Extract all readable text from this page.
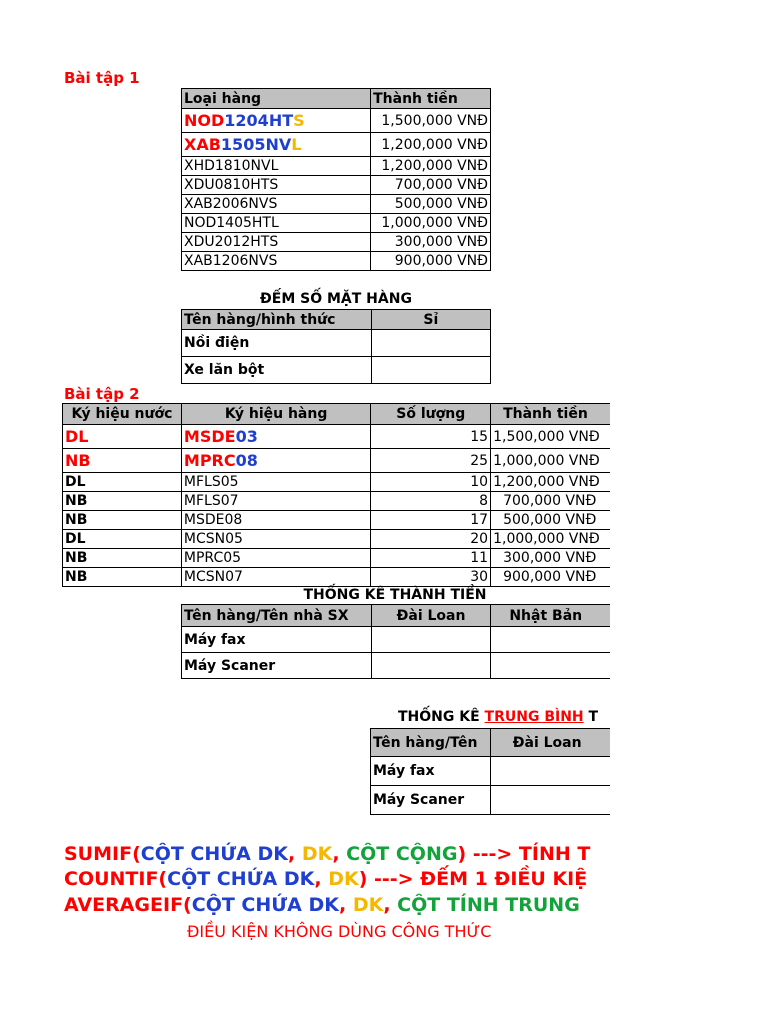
Bài tập 1
Loại hàng	Thành tiền
NOD1204HTS	1,500,000 VNĐ
XAB1505NVL	1,200,000 VNĐ
XHD1810NVL	1,200,000 VNĐ
XDU0810HTS	700,000 VNĐ
XAB2006NVS	500,000 VNĐ
NOD1405HTL	1,000,000 VNĐ
XDU2012HTS	300,000 VNĐ
XAB1206NVS	900,000 VNĐ
ĐẾM SỐ MẶT HÀNG
Tên hàng/hình thức	Sỉ
Nồi điện	
Xe lăn bột	
Bài tập 2
Ký hiệu nước	Ký hiệu hàng	Số lượng	Thành tiền
DL	MSDE03	15	1,500,000 VNĐ
NB	MPRC08	25	1,000,000 VNĐ
DL	MFLS05	10	1,200,000 VNĐ
NB	MFLS07	8	700,000 VNĐ
NB	MSDE08	17	500,000 VNĐ
DL	MCSN05	20	1,000,000 VNĐ
NB	MPRC05	11	300,000 VNĐ
NB	MCSN07	30	900,000 VNĐ
THỐNG KÊ THÀNH TIỀN
Tên hàng/Tên nhà SX	Đài Loan	Nhật Bản
Máy fax		
Máy Scaner		
THỐNG KÊ TRUNG BÌNH T
Tên hàng/Tên	Đài Loan
Máy fax	
Máy Scaner	
SUMIF(CỘT CHỨA DK, DK, CỘT CỘNG) ---> TÍNH T
COUNTIF(CỘT CHỨA DK, DK) ---> ĐẾM 1 ĐIỀU KIỆ
AVERAGEIF(CỘT CHỨA DK, DK, CỘT TÍNH TRUNG
ĐIỀU KIỆN KHÔNG DÙNG CÔNG THỨC
